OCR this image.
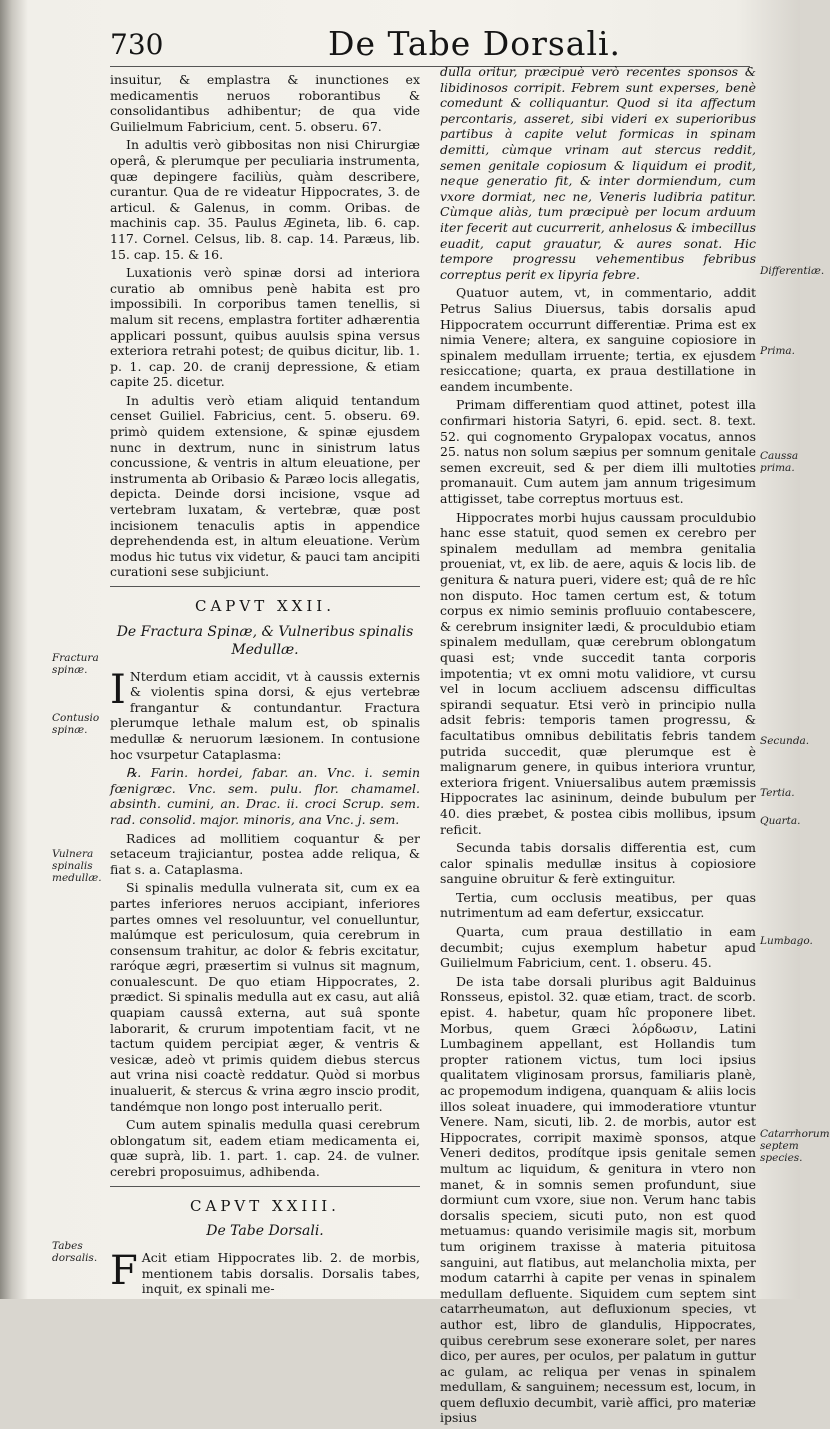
730	De Tabe Dorsali.

insuitur, & emplastra & inunctiones ex medicamentis neruos roborantibus & consolidantibus adhibentur; de qua vide Guilielmum Fabricium, cent. 5. obseru. 67.

In adultis verò gibbositas non nisi Chirurgiæ operâ, & plerumque per peculiaria instrumenta, quæ depingere faciliùs, quàm describere, curantur. Qua de re videatur Hippocrates, 3. de articul. & Galenus, in comm. Oribas. de machinis cap. 35. Paulus Ægineta, lib. 6. cap. 117. Cornel. Celsus, lib. 8. cap. 14. Paræus, lib. 15. cap. 15. & 16.

Luxationis verò spinæ dorsi ad interiora curatio ab omnibus penè habita est pro impossibili. In corporibus tamen tenellis, si malum sit recens, emplastra fortiter adhærentia applicari possunt, quibus auulsis spina versus exteriora retrahi potest; de quibus dicitur, lib. 1. p. 1. cap. 20. de cranij depressione, & etiam capite 25. dicetur.

In adultis verò etiam aliquid tentandum censet Guiliel. Fabricius, cent. 5. obseru. 69. primò quidem extensione, & spinæ ejusdem nunc in dextrum, nunc in sinistrum latus concussione, & ventris in altum eleuatione, per instrumenta ab Oribasio & Paræo locis allegatis, depicta. Deinde dorsi incisione, vsque ad vertebram luxatam, & vertebræ, quæ post incisionem tenaculis aptis in appendice deprehendenda est, in altum eleuatione. Verùm modus hic tutus vix videtur, & pauci tam ancipiti curationi sese subjiciunt.

CAPVT XXII.
De Fractura Spinæ, & Vulneribus spinalis Medullæ.

I Nterdum etiam accidit, vt à caussis externis & violentis spina dorsi, & ejus vertebræ frangantur & contundantur. Fractura plerumque lethale malum est, ob spinalis medullæ & neruorum læsionem. In contusione hoc vsurpetur Cataplasma:

℞. Farin. hordei, fabar. an. Vnc. i. semin fœnigræc. Vnc. sem. pulu. flor. chamamel. absinth. cumini, an. Drac. ii. croci Scrup. sem. rad. consolid. major. minoris, ana Vnc. j. sem.

Radices ad mollitiem coquantur & per setaceum trajiciantur, postea adde reliqua, & fiat s. a. Cataplasma.

Si spinalis medulla vulnerata sit, cum ex ea partes inferiores neruos accipiant, inferiores partes omnes vel resoluuntur, vel conuelluntur, malúmque est periculosum, quia cerebrum in consensum trahitur, ac dolor & febris excitatur, raróque ægri, præsertim si vulnus sit magnum, conualescunt. De quo etiam Hippocrates, 2. prædict. Si spinalis medulla aut ex casu, aut aliâ quapiam caussâ externa, aut suâ sponte laborarit, & crurum impotentiam facit, vt ne tactum quidem percipiat æger, & ventris & vesicæ, adeò vt primis quidem diebus stercus aut vrina nisi coactè reddatur. Quòd si morbus inualuerit, & stercus & vrina ægro inscio prodit, tandémque non longo post interuallo perit.

Cum autem spinalis medulla quasi cerebrum oblongatum sit, eadem etiam medicamenta ei, quæ suprà, lib. 1. part. 1. cap. 24. de vulner. cerebri proposuimus, adhibenda.

CAPVT XXIII.
De Tabe Dorsali.

F Acit etiam Hippocrates lib. 2. de morbis, mentionem tabis dorsalis. Dorsalis tabes, inquit, ex spinali me-

dulla oritur, præcipuè verò recentes sponsos & libidinosos corripit. Febrem sunt experses, benè comedunt & colliquantur. Quod si ita affectum percontaris, asseret, sibi videri ex superioribus partibus à capite velut formicas in spinam demitti, cùmque vrinam aut stercus reddit, semen genitale copiosum & liquidum ei prodit, neque generatio fit, & inter dormiendum, cum vxore dormiat, nec ne, Veneris ludibria patitur. Cùmque aliàs, tum præcipuè per locum arduum iter fecerit aut cucurrerit, anhelosus & imbecillus euadit, caput grauatur, & aures sonat. Hic tempore progressu vehementibus febribus correptus perit ex lipyria febre.

Quatuor autem, vt, in commentario, addit Petrus Salius Diuersus, tabis dorsalis apud Hippocratem occurrunt differentiæ. Prima est ex nimia Venere; altera, ex sanguine copiosiore in spinalem medullam irruente; tertia, ex ejusdem resiccatione; quarta, ex praua destillatione in eandem incumbente.

Primam differentiam quod attinet, potest illa confirmari historia Satyri, 6. epid. sect. 8. text. 52. qui cognomento Grypalopax vocatus, annos 25. natus non solum sæpius per somnum genitale semen excreuit, sed & per diem illi multoties promanauit. Cum autem jam annum trigesimum attigisset, tabe correptus mortuus est.

Hippocrates morbi hujus caussam proculdubio hanc esse statuit, quod semen ex cerebro per spinalem medullam ad membra genitalia proueniat, vt, ex lib. de aere, aquis & locis lib. de genitura & natura pueri, videre est; quâ de re hîc non disputo. Hoc tamen certum est, & totum corpus ex nimio seminis profluuio contabescere, & cerebrum insigniter lædi, & proculdubio etiam spinalem medullam, quæ cerebrum oblongatum quasi est; vnde succedit tanta corporis impotentia; vt ex omni motu validiore, vt cursu vel in locum accliuem adscensu difficultas spirandi sequatur. Etsi verò in principio nulla adsit febris: temporis tamen progressu, & facultatibus omnibus debilitatis febris tandem putrida succedit, quæ plerumque est è malignarum genere, in quibus interiora vruntur, exteriora frigent. Vniuersalibus autem præmissis Hippocrates lac asininum, deinde bubulum per 40. dies præbet, & postea cibis mollibus, ipsum reficit.

Secunda tabis dorsalis differentia est, cum calor spinalis medullæ insitus à copiosiore sanguine obruitur & ferè extinguitur.

Tertia, cum occlusis meatibus, per quas nutrimentum ad eam defertur, exsiccatur.

Quarta, cum praua destillatio in eam decumbit; cujus exemplum habetur apud Guilielmum Fabricium, cent. 1. obseru. 45.

De ista tabe dorsali pluribus agit Balduinus Ronsseus, epistol. 32. quæ etiam, tract. de scorb. epist. 4. habetur, quam hîc proponere libet. Morbus, quem Græci λόρδωσιν, Latini Lumbaginem appellant, est Hollandis tum propter rationem victus, tum loci ipsius qualitatem vliginosam prorsus, familiaris planè, ac propemodum indigena, quanquam & aliis locis illos soleat inuadere, qui immoderatiore vtuntur Venere. Nam, sicuti, lib. 2. de morbis, autor est Hippocrates, corripit maximè sponsos, atque Veneri deditos, prodítque ipsis genitale semen multum ac liquidum, & genitura in vtero non manet, & in somnis semen profundunt, siue dormiunt cum vxore, siue non. Verum hanc tabis dorsalis speciem, sicuti puto, non est quod metuamus: quando verisimile magis sit, morbum tum originem traxisse à materia pituitosa sanguini, aut flatibus, aut melancholia mixta, per modum catarrhi à capite per venas in spinalem medullam defluente. Siquidem cum septem sint catarrheumatωn, aut defluxionum species, vt author est, libro de glandulis, Hippocrates, quibus cerebrum sese exonerare solet, per nares dico, per aures, per oculos, per palatum in guttur ac gulam, ac reliqua per venas in spinalem medullam, & sanguinem; necessum est, locum, in quem defluxio decumbit, variè affici, pro materiæ ipsius

Fractura spinæ.
Contusio spinæ.
Vulnera spinalis medullæ.
Tabes dorsalis.
Differentiæ.
Prima.
Caussa prima.
Secunda.
Tertia.
Quarta.
Lumbago.
Catarrhorum septem species.
